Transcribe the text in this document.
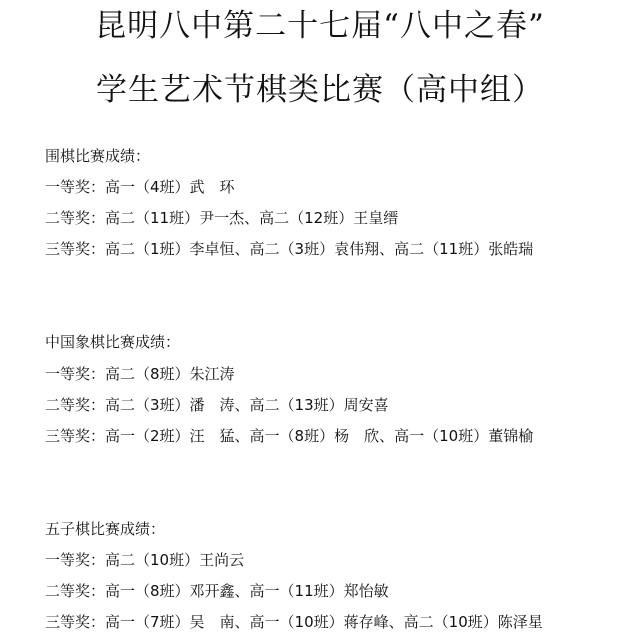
昆明八中第二十七届“八中之春”
学生艺术节棋类比赛（高中组）
围棋比赛成绩：
一等奖：高一（4班）武　环
二等奖：高二（11班）尹一杰、高二（12班）王皇缙
三等奖：高二（1班）李卓恒、高二（3班）袁伟翔、高二（11班）张皓瑞
中国象棋比赛成绩：
一等奖：高二（8班）朱江涛
二等奖：高二（3班）潘　涛、高二（13班）周安喜
三等奖：高一（2班）汪　猛、高一（8班）杨　欣、高一（10班）董锦榆
五子棋比赛成绩：
一等奖：高二（10班）王尚云
二等奖：高一（8班）邓开鑫、高一（11班）郑怡敏
三等奖：高一（7班）吴　南、高一（10班）蒋存峰、高二（10班）陈泽星
